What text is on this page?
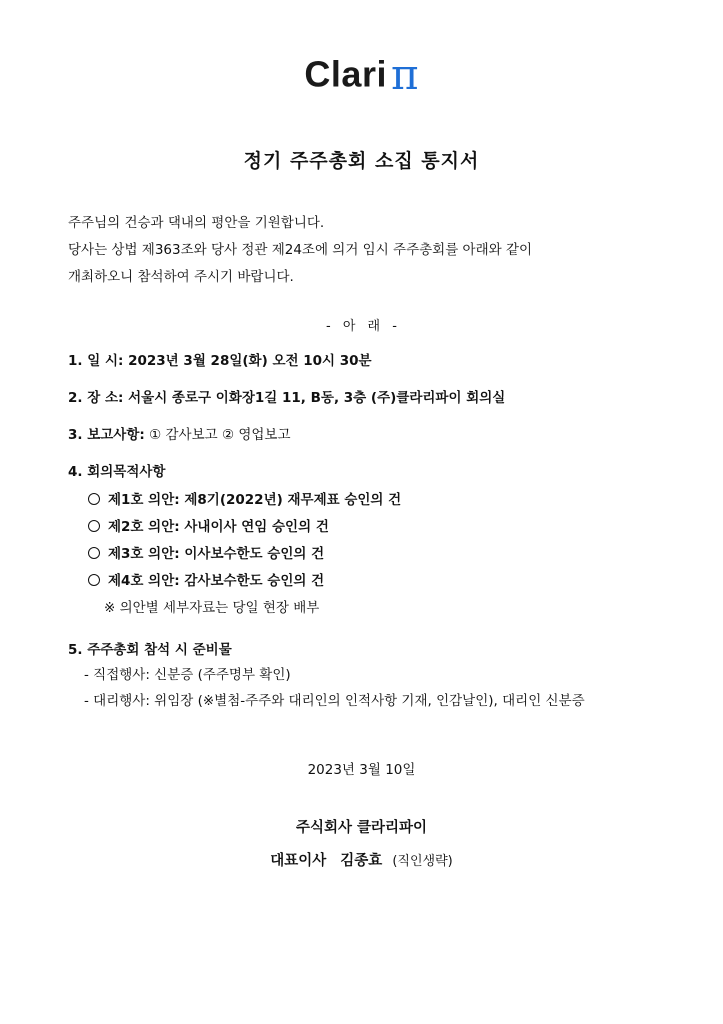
Clariπ
정기 주주총회 소집 통지서
주주님의 건승과 댁내의 평안을 기원합니다.
당사는 상법 제363조와 당사 정관 제24조에 의거 임시 주주총회를 아래와 같이
개최하오니 참석하여 주시기 바랍니다.
- 아 래 -
1. 일 시: 2023년 3월 28일(화) 오전 10시 30분
2. 장 소: 서울시 종로구 이화장1길 11, B동, 3층 (주)클라리파이 회의실
3. 보고사항: ① 감사보고 ② 영업보고
4. 회의목적사항
제1호 의안: 제8기(2022년) 재무제표 승인의 건
제2호 의안: 사내이사 연임 승인의 건
제3호 의안: 이사보수한도 승인의 건
제4호 의안: 감사보수한도 승인의 건
※ 의안별 세부자료는 당일 현장 배부
5. 주주총회 참석 시 준비물
- 직접행사: 신분증 (주주명부 확인)
- 대리행사: 위임장 (※별첨-주주와 대리인의 인적사항 기재, 인감날인), 대리인 신분증
2023년 3월 10일
주식회사 클라리파이
대표이사 김종효 (직인생략)
